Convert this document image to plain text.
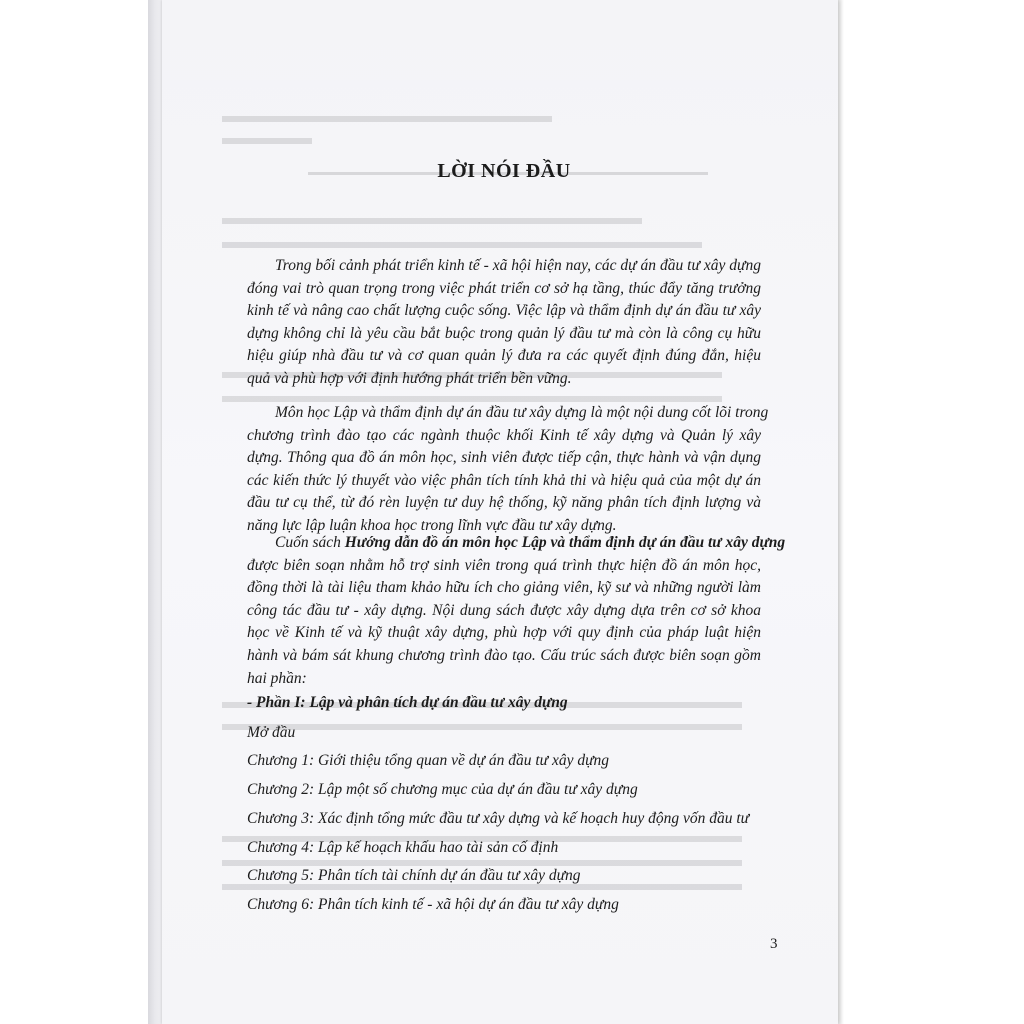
LỜI NÓI ĐẦU
Trong bối cảnh phát triển kinh tế - xã hội hiện nay, các dự án đầu tư xây dựng
đóng vai trò quan trọng trong việc phát triển cơ sở hạ tầng, thúc đẩy tăng trưởng
kinh tế và nâng cao chất lượng cuộc sống. Việc lập và thẩm định dự án đầu tư xây
dựng không chỉ là yêu cầu bắt buộc trong quản lý đầu tư mà còn là công cụ hữu
hiệu giúp nhà đầu tư và cơ quan quản lý đưa ra các quyết định đúng đắn, hiệu
quả và phù hợp với định hướng phát triển bền vững.
Môn học Lập và thẩm định dự án đầu tư xây dựng là một nội dung cốt lõi trong
chương trình đào tạo các ngành thuộc khối Kinh tế xây dựng và Quản lý xây
dựng. Thông qua đồ án môn học, sinh viên được tiếp cận, thực hành và vận dụng
các kiến thức lý thuyết vào việc phân tích tính khả thi và hiệu quả của một dự án
đầu tư cụ thể, từ đó rèn luyện tư duy hệ thống, kỹ năng phân tích định lượng và
năng lực lập luận khoa học trong lĩnh vực đầu tư xây dựng.
Cuốn sách Hướng dẫn đồ án môn học Lập và thẩm định dự án đầu tư xây dựng
được biên soạn nhằm hỗ trợ sinh viên trong quá trình thực hiện đồ án môn học,
đồng thời là tài liệu tham khảo hữu ích cho giảng viên, kỹ sư và những người làm
công tác đầu tư - xây dựng. Nội dung sách được xây dựng dựa trên cơ sở khoa
học về Kinh tế và kỹ thuật xây dựng, phù hợp với quy định của pháp luật hiện
hành và bám sát khung chương trình đào tạo. Cấu trúc sách được biên soạn gồm
hai phần:
- Phần I: Lập và phân tích dự án đầu tư xây dựng
Mở đầu
Chương 1: Giới thiệu tổng quan về dự án đầu tư xây dựng
Chương 2: Lập một số chương mục của dự án đầu tư xây dựng
Chương 3: Xác định tổng mức đầu tư xây dựng và kế hoạch huy động vốn đầu tư
Chương 4: Lập kế hoạch khấu hao tài sản cố định
Chương 5: Phân tích tài chính dự án đầu tư xây dựng
Chương 6: Phân tích kinh tế - xã hội dự án đầu tư xây dựng
3
